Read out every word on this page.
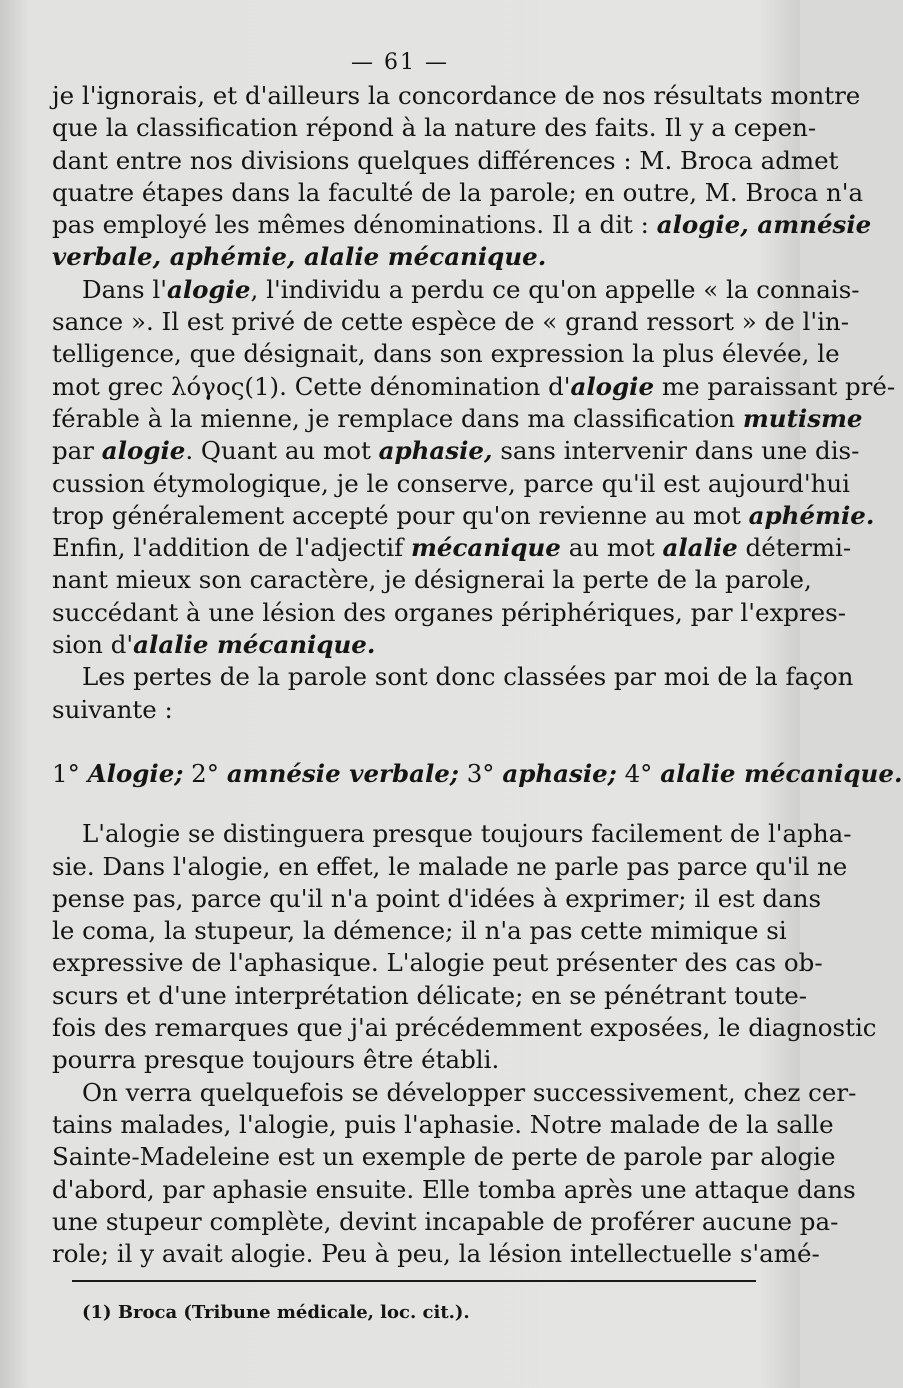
— 61 —
je l'ignorais, et d'ailleurs la concordance de nos résultats montre
que la classification répond à la nature des faits. Il y a cepen-
dant entre nos divisions quelques différences : M. Broca admet
quatre étapes dans la faculté de la parole; en outre, M. Broca n'a
pas employé les mêmes dénominations. Il a dit : alogie, amnésie
verbale, aphémie, alalie mécanique.
Dans l'alogie, l'individu a perdu ce qu'on appelle « la connais-
sance ». Il est privé de cette espèce de « grand ressort » de l'in-
telligence, que désignait, dans son expression la plus élevée, le
mot grec λόγος(1). Cette dénomination d'alogie me paraissant pré-
férable à la mienne, je remplace dans ma classification mutisme
par alogie. Quant au mot aphasie, sans intervenir dans une dis-
cussion étymologique, je le conserve, parce qu'il est aujourd'hui
trop généralement accepté pour qu'on revienne au mot aphémie.
Enfin, l'addition de l'adjectif mécanique au mot alalie détermi-
nant mieux son caractère, je désignerai la perte de la parole,
succédant à une lésion des organes périphériques, par l'expres-
sion d'alalie mécanique.
Les pertes de la parole sont donc classées par moi de la façon
suivante :
1° Alogie; 2° amnésie verbale; 3° aphasie; 4° alalie mécanique.
L'alogie se distinguera presque toujours facilement de l'apha-
sie. Dans l'alogie, en effet, le malade ne parle pas parce qu'il ne
pense pas, parce qu'il n'a point d'idées à exprimer; il est dans
le coma, la stupeur, la démence; il n'a pas cette mimique si
expressive de l'aphasique. L'alogie peut présenter des cas ob-
scurs et d'une interprétation délicate; en se pénétrant toute-
fois des remarques que j'ai précédemment exposées, le diagnostic
pourra presque toujours être établi.
On verra quelquefois se développer successivement, chez cer-
tains malades, l'alogie, puis l'aphasie. Notre malade de la salle
Sainte-Madeleine est un exemple de perte de parole par alogie
d'abord, par aphasie ensuite. Elle tomba après une attaque dans
une stupeur complète, devint incapable de proférer aucune pa-
role; il y avait alogie. Peu à peu, la lésion intellectuelle s'amé-
(1) Broca (Tribune médicale, loc. cit.).
